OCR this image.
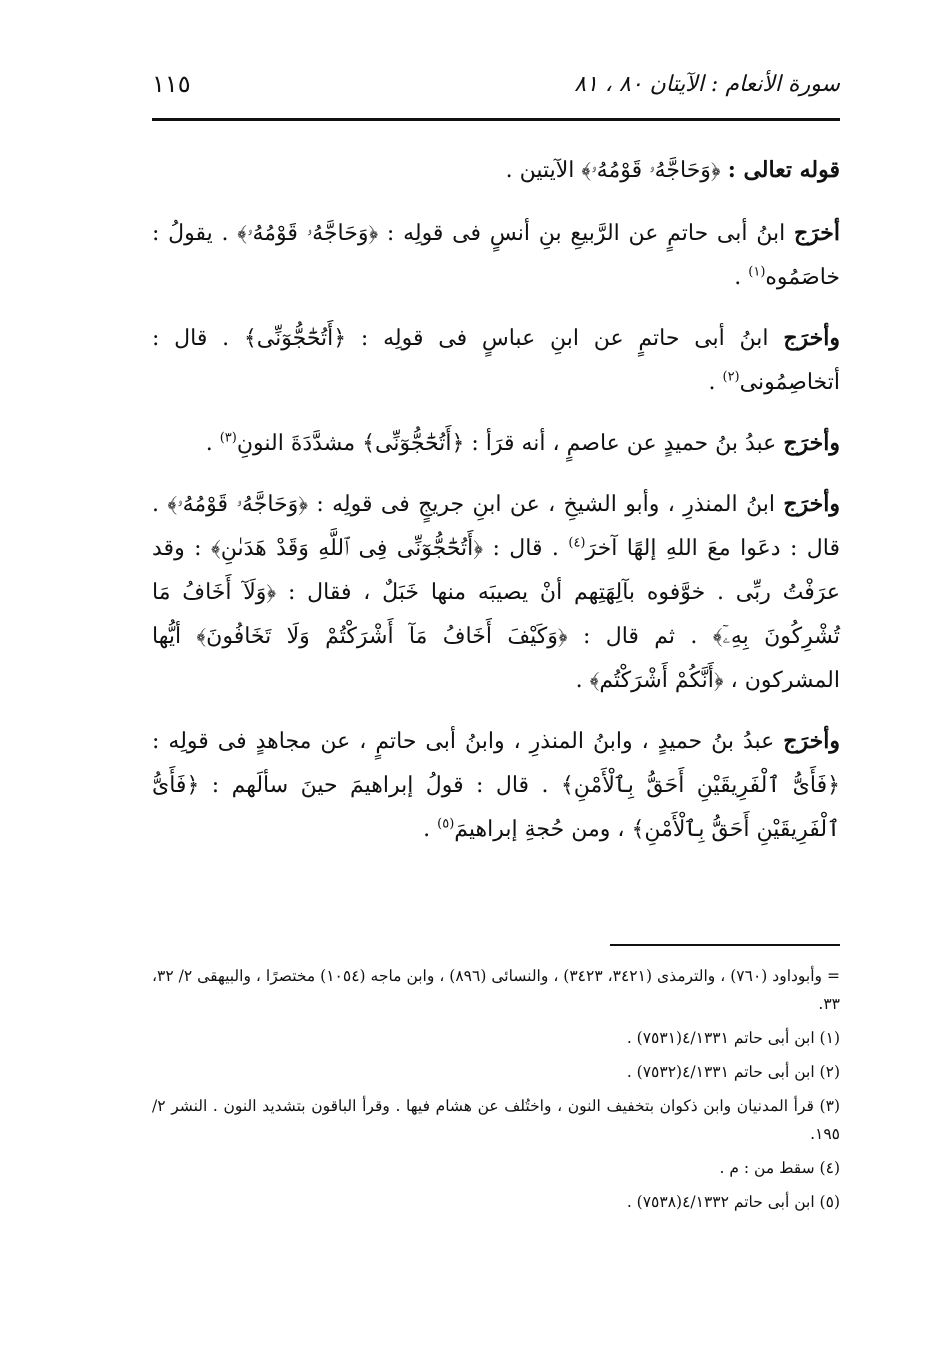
سورة الأنعام : الآيتان ٨٠ ، ٨١
١١٥

قوله تعالى : ﴿وَحَاجَّهُۥ قَوْمُهُۥ﴾ الآيتين .

أخرَج ابنُ أبى حاتمٍ عن الرَّبيعِ بنِ أنسٍ فى قولِه : ﴿وَحَاجَّهُۥ قَوْمُهُۥ﴾ . يقولُ : خاصَمُوه$^{(١)}$ .

وأخرَج ابنُ أبى حاتمٍ عن ابنِ عباسٍ فى قولِه : ﴿أَتُحَٰٓجُّوٓنِّى﴾ . قال : أتخاصِمُونى$^{(٢)}$ .

وأخرَج عبدُ بنُ حميدٍ عن عاصمٍ ، أنه قرَأ : ﴿أَتُحَٰٓجُّوٓنِّى﴾ مشدَّدَةَ النونِ$^{(٣)}$ .

وأخرَج ابنُ المنذرِ ، وأبو الشيخِ ، عن ابنِ جريجٍ فى قولِه : ﴿وَحَاجَّهُۥ قَوْمُهُۥ﴾ . قال : دعَوا معَ اللهِ إلهًا آخرَ$^{(٤)}$ . قال : ﴿أَتُحَٰٓجُّوٓنِّى فِى ٱللَّهِ وَقَدْ هَدَىٰنِ﴾ : وقد عرَفْتُ ربِّى . خوَّفوه بآلِهَتِهم أنْ يصيبَه منها خَبَلٌ ، فقال : ﴿وَلَآ أَخَافُ مَا تُشْرِكُونَ بِهِۦٓ﴾ . ثم قال : ﴿وَكَيْفَ أَخَافُ مَآ أَشْرَكْتُمْ وَلَا تَخَافُونَ﴾ أيُّها المشركون ، ﴿أَنَّكُمْ أَشْرَكْتُم﴾ .

وأخرَج عبدُ بنُ حميدٍ ، وابنُ المنذرِ ، وابنُ أبى حاتمٍ ، عن مجاهدٍ فى قولِه : ﴿فَأَىُّ ٱلْفَرِيقَيْنِ أَحَقُّ بِٱلْأَمْنِ﴾ . قال : قولُ إبراهيمَ حينَ سألَهم : ﴿فَأَىُّ ٱلْفَرِيقَيْنِ أَحَقُّ بِٱلْأَمْنِ﴾ ، ومن حُجةِ إبراهيمَ$^{(٥)}$ .

= وأبوداود (٧٦٠) ، والترمذى (٣٤٢١، ٣٤٢٣) ، والنسائى (٨٩٦) ، وابن ماجه (١٠٥٤) مختصرًا ، والبيهقى ٢/ ٣٢، ٣٣.

(١) ابن أبى حاتم ٤/١٣٣١(٧٥٣١) .

(٢) ابن أبى حاتم ٤/١٣٣١(٧٥٣٢) .

(٣) قرأ المدنيان وابن ذكوان بتخفيف النون ، واختُلف عن هشام فيها . وقرأ الباقون بتشديد النون . النشر ٢/ ١٩٥.

(٤) سقط من : م .

(٥) ابن أبى حاتم ٤/١٣٣٢(٧٥٣٨) .
